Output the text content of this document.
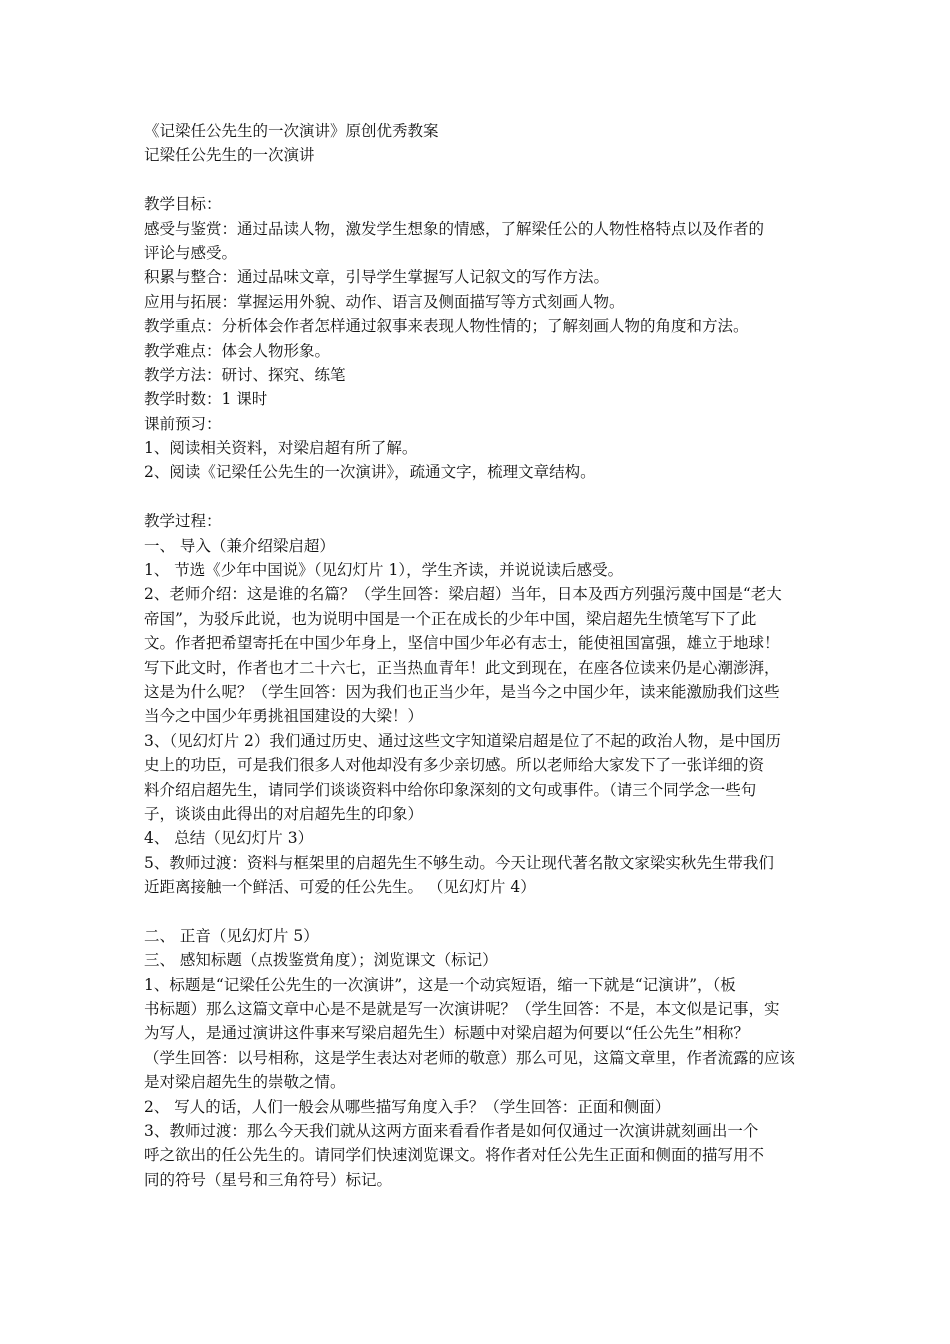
《记梁任公先生的一次演讲》原创优秀教案
记梁任公先生的一次演讲
教学目标：
感受与鉴赏：通过品读人物，激发学生想象的情感，了解梁任公的人物性格特点以及作者的
评论与感受。
积累与整合：通过品味文章，引导学生掌握写人记叙文的写作方法。
应用与拓展：掌握运用外貌、动作、语言及侧面描写等方式刻画人物。
教学重点：分析体会作者怎样通过叙事来表现人物性情的；了解刻画人物的角度和方法。
教学难点：体会人物形象。
教学方法：研讨、探究、练笔
教学时数：1 课时
课前预习：
1、阅读相关资料，对梁启超有所了解。
2、阅读《记梁任公先生的一次演讲》，疏通文字，梳理文章结构。
教学过程：
一、 导入（兼介绍梁启超）
1、 节选《少年中国说》（见幻灯片 1），学生齐读，并说说读后感受。
2、老师介绍：这是谁的名篇？（学生回答：梁启超）当年，日本及西方列强污蔑中国是“老大
帝国”，为驳斥此说，也为说明中国是一个正在成长的少年中国，梁启超先生愤笔写下了此
文。作者把希望寄托在中国少年身上，坚信中国少年必有志士，能使祖国富强，雄立于地球！
写下此文时，作者也才二十六七，正当热血青年！此文到现在，在座各位读来仍是心潮澎湃，
这是为什么呢？（学生回答：因为我们也正当少年，是当今之中国少年，读来能激励我们这些
当今之中国少年勇挑祖国建设的大梁！）
3、（见幻灯片 2）我们通过历史、通过这些文字知道梁启超是位了不起的政治人物，是中国历
史上的功臣，可是我们很多人对他却没有多少亲切感。所以老师给大家发下了一张详细的资
料介绍启超先生，请同学们谈谈资料中给你印象深刻的文句或事件。（请三个同学念一些句
子，谈谈由此得出的对启超先生的印象）
4、 总结（见幻灯片 3）
5、教师过渡：资料与框架里的启超先生不够生动。今天让现代著名散文家梁实秋先生带我们
近距离接触一个鲜活、可爱的任公先生。 （见幻灯片 4）
二、 正音（见幻灯片 5）
三、 感知标题（点拨鉴赏角度）；浏览课文（标记）
1、标题是“记梁任公先生的一次演讲”，这是一个动宾短语，缩一下就是“记演讲”，（板
书标题）那么这篇文章中心是不是就是写一次演讲呢？（学生回答：不是，本文似是记事，实
为写人，是通过演讲这件事来写梁启超先生）标题中对梁启超为何要以“任公先生”相称？
（学生回答：以号相称，这是学生表达对老师的敬意）那么可见，这篇文章里，作者流露的应该
是对梁启超先生的崇敬之情。
2、 写人的话，人们一般会从哪些描写角度入手？（学生回答：正面和侧面）
3、教师过渡：那么今天我们就从这两方面来看看作者是如何仅通过一次演讲就刻画出一个
呼之欲出的任公先生的。请同学们快速浏览课文。将作者对任公先生正面和侧面的描写用不
同的符号（星号和三角符号）标记。
